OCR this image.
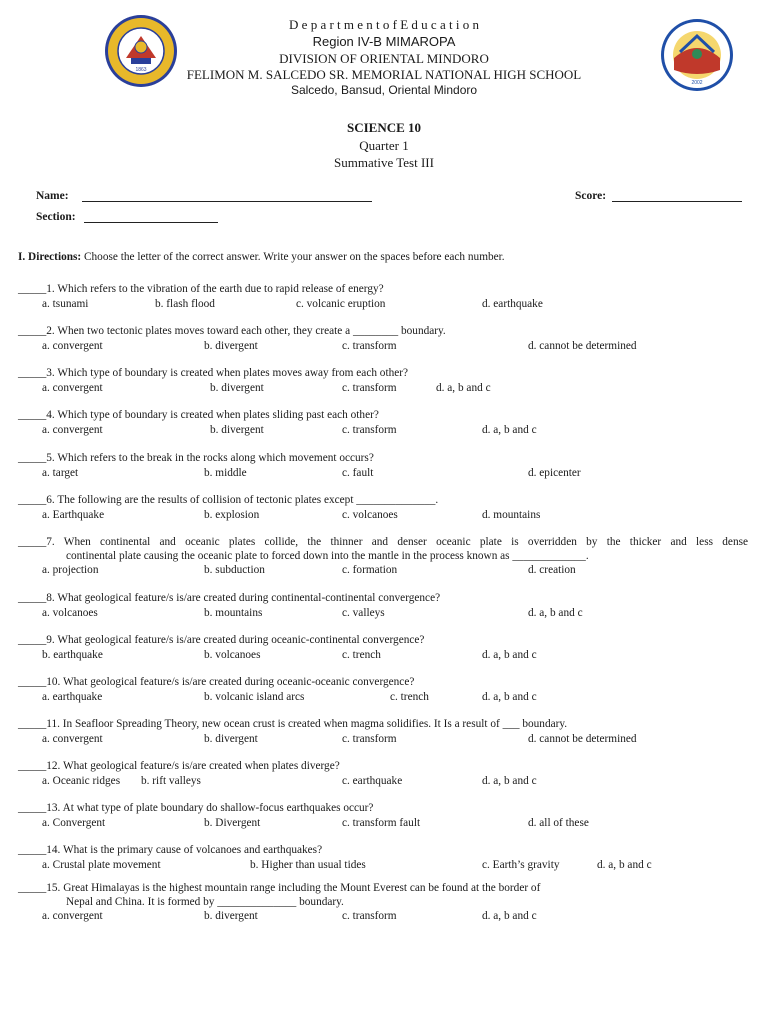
1863
2002
D e p a r t m e n t o f E d u c a t i o n
Region IV-B MIMAROPA
DIVISION OF ORIENTAL MINDORO
FELIMON M. SALCEDO SR. MEMORIAL NATIONAL HIGH SCHOOL
Salcedo, Bansud, Oriental Mindoro
SCIENCE 10
Quarter 1
Summative Test III
Name:	Score:
Section:
I. Directions: Choose the letter of the correct answer. Write your answer on the spaces before each number.
_____1. Which refers to the vibration of the earth due to rapid release of energy?
a. tsunami	b. flash flood	c. volcanic eruption	d. earthquake
_____2. When two tectonic plates moves toward each other, they create a ________ boundary.
a. convergent	b. divergent	c. transform	d. cannot be determined
_____3. Which type of boundary is created when plates moves away from each other?
a. convergent	b. divergent	c. transform	d. a, b and c
_____4. Which type of boundary is created when plates sliding past each other?
a. convergent	b. divergent	c. transform	d. a, b and c
_____5. Which refers to the break in the rocks along which movement occurs?
a. target	b. middle	c. fault	d. epicenter
_____6. The following are the results of collision of tectonic plates except ______________.
a. Earthquake	b. explosion	c. volcanoes	d. mountains
_____7. When continental and oceanic plates collide, the thinner and denser oceanic plate is overridden by the thicker and less dense
continental plate causing the oceanic plate to forced down into the mantle in the process known as _____________.
a. projection	b. subduction	c. formation	d. creation
_____8. What geological feature/s is/are created during continental-continental convergence?
a. volcanoes	b. mountains	c. valleys	d. a, b and c
_____9. What geological feature/s is/are created during oceanic-continental convergence?
b. earthquake	b. volcanoes	c. trench	d. a, b and c
_____10. What geological feature/s is/are created during oceanic-oceanic convergence?
a. earthquake	b. volcanic island arcs	c. trench	d. a, b and c
_____11. In Seafloor Spreading Theory, new ocean crust is created when magma solidifies. It Is a result of ___ boundary.
a. convergent	b. divergent	c. transform	d. cannot be determined
_____12. What geological feature/s is/are created when plates diverge?
a. Oceanic ridges b. rift valleys	c. earthquake	d. a, b and c
_____13. At what type of plate boundary do shallow-focus earthquakes occur?
a. Convergent	b. Divergent	c. transform fault	d. all of these
_____14. What is the primary cause of volcanoes and earthquakes?
a. Crustal plate movement	b. Higher than usual tides	c. Earth’s gravity	d. a, b and c
_____15. Great Himalayas is the highest mountain range including the Mount Everest can be found at the border of
Nepal and China. It is formed by ______________ boundary.
a. convergent	b. divergent	c. transform	d. a, b and c
